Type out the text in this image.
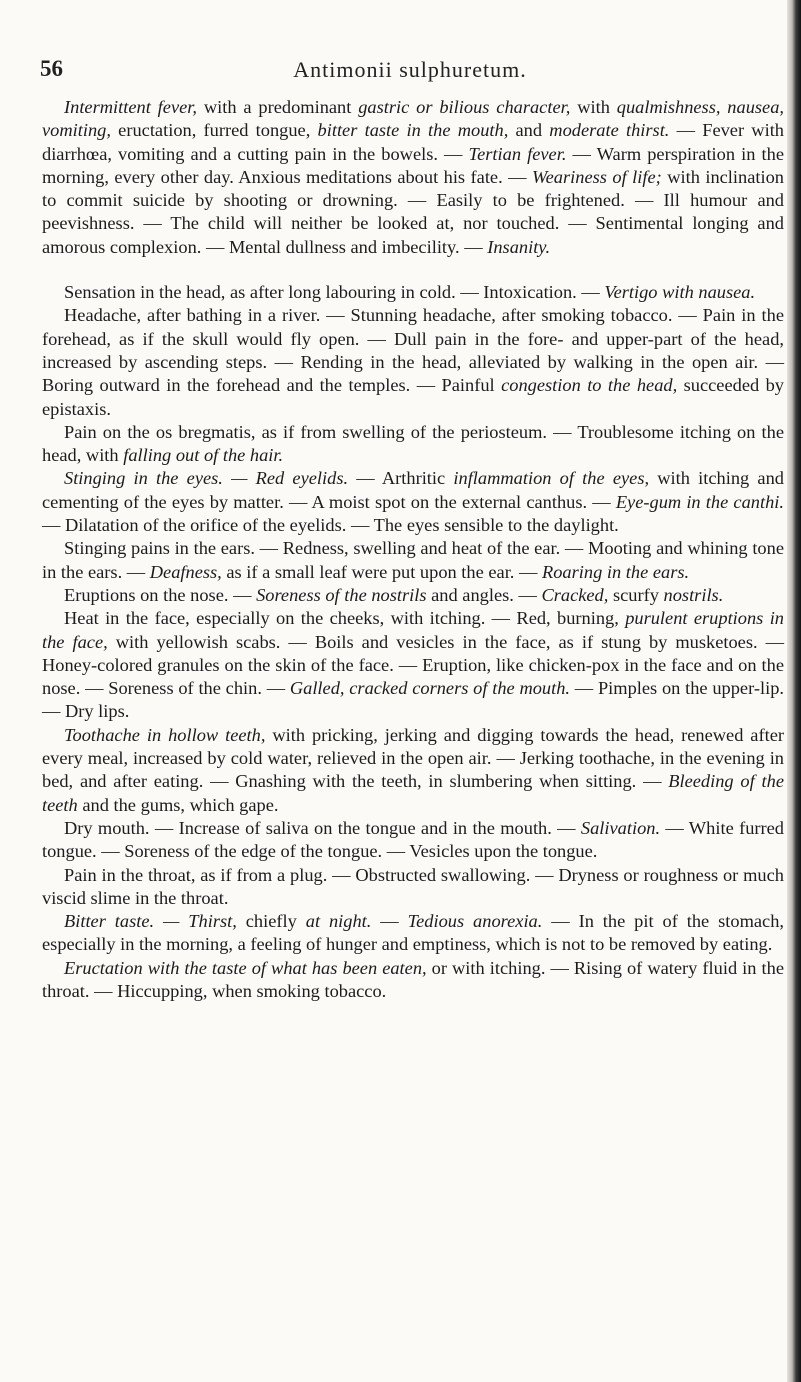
56	Antimonii sulphuretum.

Intermittent fever, with a predominant gastric or bilious character, with qualmishness, nausea, vomiting, eructation, furred tongue, bitter taste in the mouth, and moderate thirst. — Fever with diarrhœa, vomiting and a cutting pain in the bowels. — Tertian fever. — Warm perspiration in the morning, every other day. Anxious meditations about his fate. — Weariness of life; with inclination to commit suicide by shooting or drowning. — Easily to be frightened. — Ill humour and peevishness. — The child will neither be looked at, nor touched. — Sentimental longing and amorous complexion. — Mental dullness and imbecility. — Insanity.

Sensation in the head, as after long labouring in cold. — Intoxication. — Vertigo with nausea.

Headache, after bathing in a river. — Stunning headache, after smoking tobacco. — Pain in the forehead, as if the skull would fly open. — Dull pain in the fore- and upper-part of the head, increased by ascending steps. — Rending in the head, alleviated by walking in the open air. — Boring outward in the forehead and the temples. — Painful congestion to the head, succeeded by epistaxis.

Pain on the os bregmatis, as if from swelling of the periosteum. — Troublesome itching on the head, with falling out of the hair.

Stinging in the eyes. — Red eyelids. — Arthritic inflammation of the eyes, with itching and cementing of the eyes by matter. — A moist spot on the external canthus. — Eye-gum in the canthi. — Dilatation of the orifice of the eyelids. — The eyes sensible to the daylight.

Stinging pains in the ears. — Redness, swelling and heat of the ear. — Mooting and whining tone in the ears. — Deafness, as if a small leaf were put upon the ear. — Roaring in the ears.

Eruptions on the nose. — Soreness of the nostrils and angles. — Cracked, scurfy nostrils.

Heat in the face, especially on the cheeks, with itching. — Red, burning, purulent eruptions in the face, with yellowish scabs. — Boils and vesicles in the face, as if stung by musketoes. — Honey-colored granules on the skin of the face. — Eruption, like chicken-pox in the face and on the nose. — Soreness of the chin. — Galled, cracked corners of the mouth. — Pimples on the upper-lip. — Dry lips.

Toothache in hollow teeth, with pricking, jerking and digging towards the head, renewed after every meal, increased by cold water, relieved in the open air. — Jerking toothache, in the evening in bed, and after eating. — Gnashing with the teeth, in slumbering when sitting. — Bleeding of the teeth and the gums, which gape.

Dry mouth. — Increase of saliva on the tongue and in the mouth. — Salivation. — White furred tongue. — Soreness of the edge of the tongue. — Vesicles upon the tongue.

Pain in the throat, as if from a plug. — Obstructed swallowing. — Dryness or roughness or much viscid slime in the throat.

Bitter taste. — Thirst, chiefly at night. — Tedious anorexia. — In the pit of the stomach, especially in the morning, a feeling of hunger and emptiness, which is not to be removed by eating.

Eructation with the taste of what has been eaten, or with itching. — Rising of watery fluid in the throat. — Hiccupping, when smoking tobacco.
